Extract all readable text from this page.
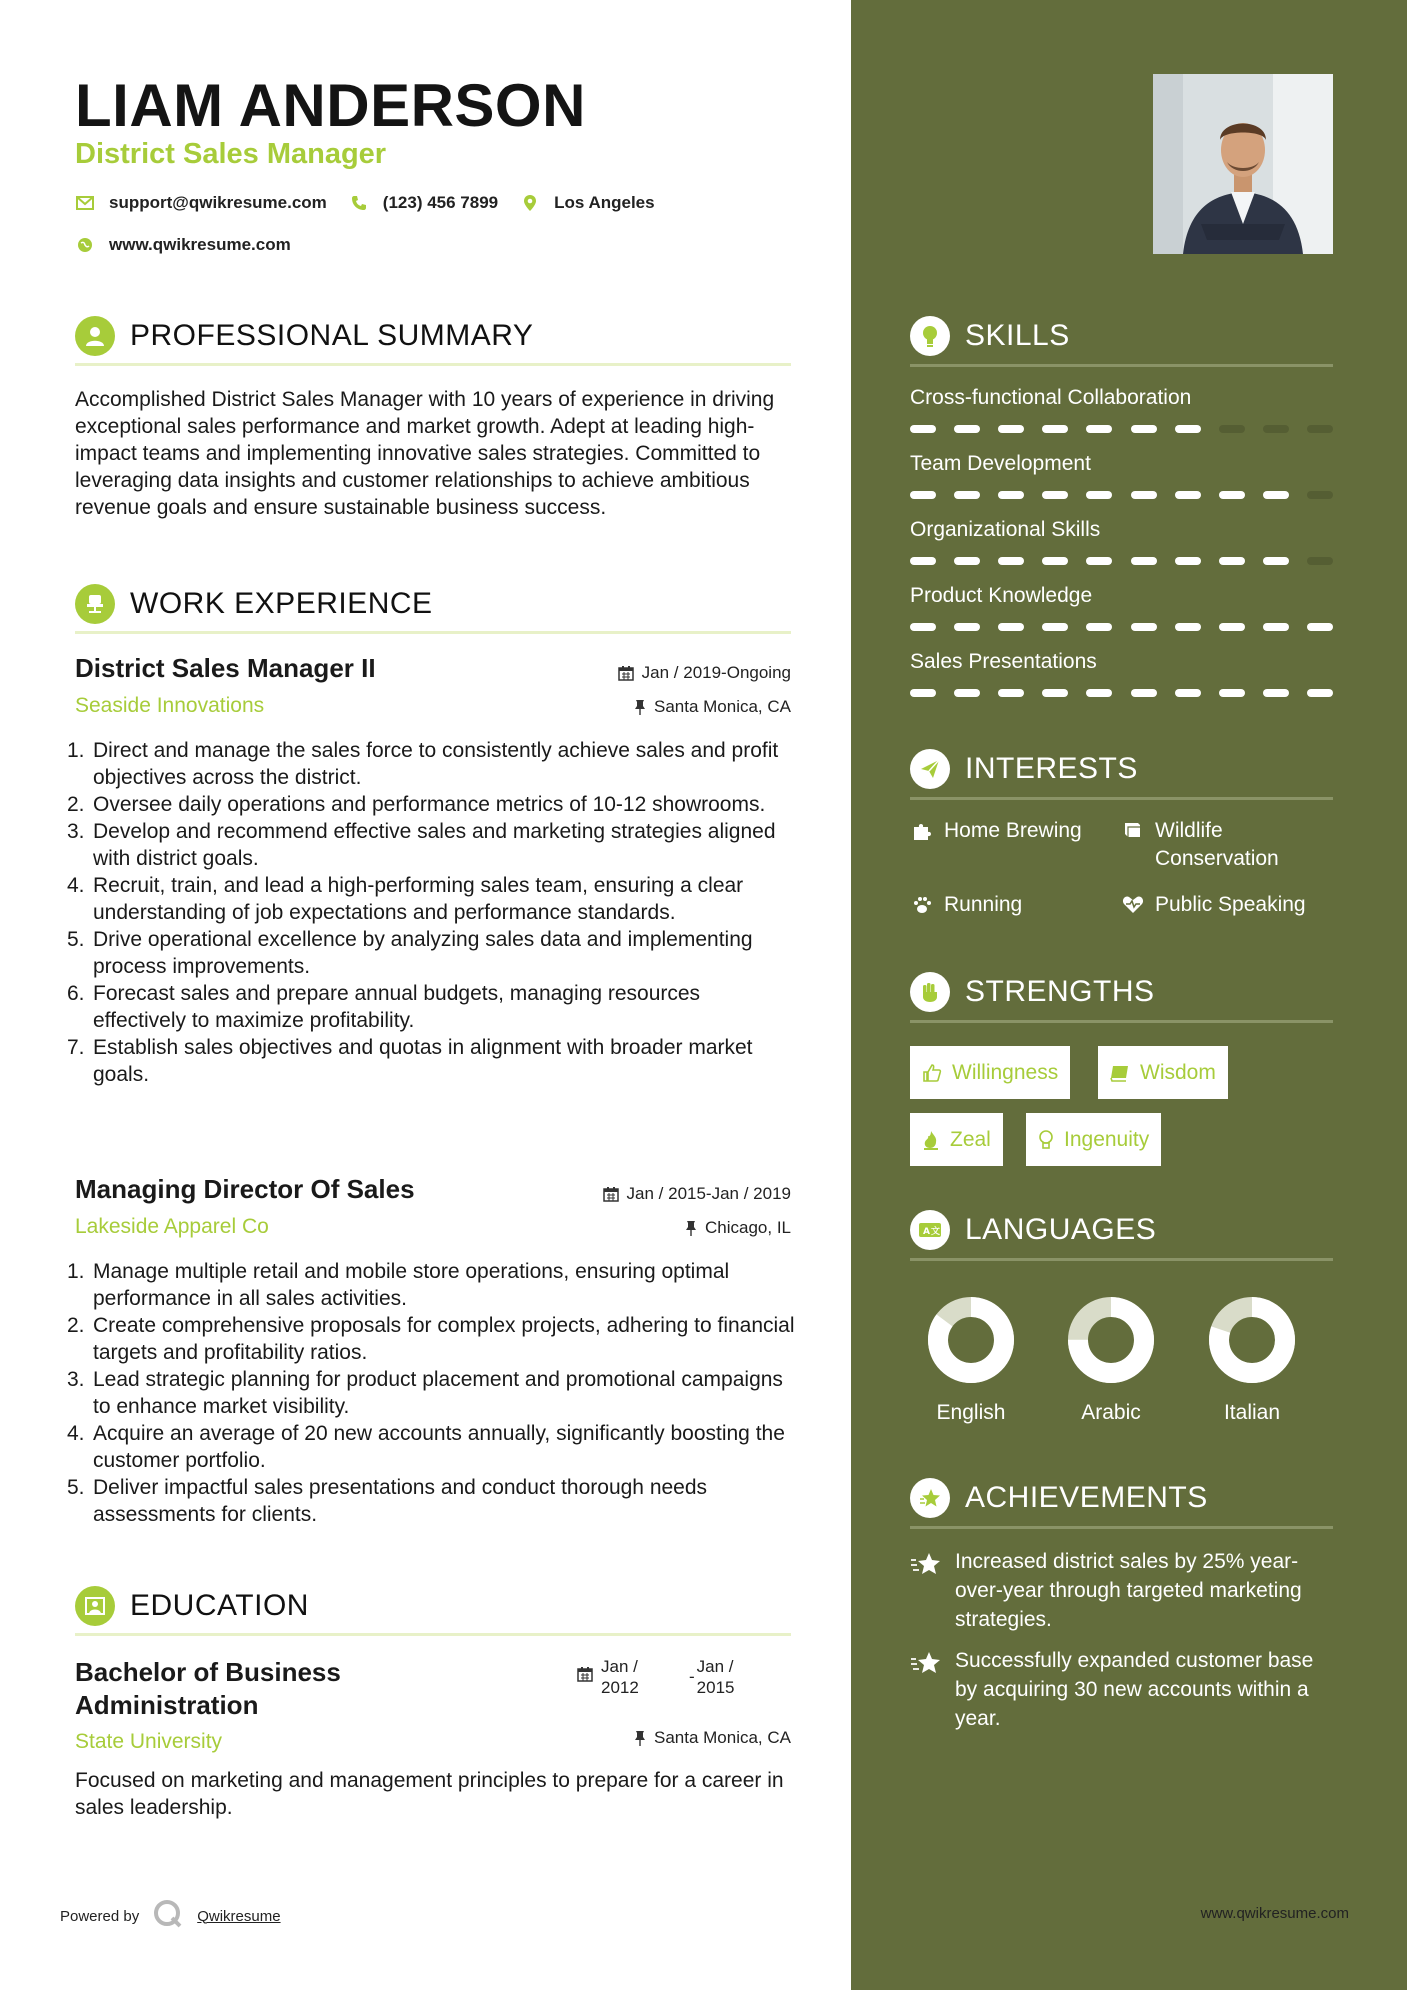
LIAM ANDERSON
District Sales Manager
support@qwikresume.com	(123) 456 7899	Los Angeles
www.qwikresume.com
PROFESSIONAL SUMMARY
Accomplished District Sales Manager with 10 years of experience in driving exceptional sales performance and market growth. Adept at leading high-impact teams and implementing innovative sales strategies. Committed to leveraging data insights and customer relationships to achieve ambitious revenue goals and ensure sustainable business success.
WORK EXPERIENCE
District Sales Manager II	Jan / 2019-Ongoing
Seaside Innovations	Santa Monica, CA
1. Direct and manage the sales force to consistently achieve sales and profit objectives across the district.
2. Oversee daily operations and performance metrics of 10-12 showrooms.
3. Develop and recommend effective sales and marketing strategies aligned with district goals.
4. Recruit, train, and lead a high-performing sales team, ensuring a clear understanding of job expectations and performance standards.
5. Drive operational excellence by analyzing sales data and implementing process improvements.
6. Forecast sales and prepare annual budgets, managing resources effectively to maximize profitability.
7. Establish sales objectives and quotas in alignment with broader market goals.
Managing Director Of Sales	Jan / 2015-Jan / 2019
Lakeside Apparel Co	Chicago, IL
1. Manage multiple retail and mobile store operations, ensuring optimal performance in all sales activities.
2. Create comprehensive proposals for complex projects, adhering to financial targets and profitability ratios.
3. Lead strategic planning for product placement and promotional campaigns to enhance market visibility.
4. Acquire an average of 20 new accounts annually, significantly boosting the customer portfolio.
5. Deliver impactful sales presentations and conduct thorough needs assessments for clients.
EDUCATION
Bachelor of Business
Administration
Jan /
2012
-
Jan /
2015
State University	Santa Monica, CA
Focused on marketing and management principles to prepare for a career in sales leadership.
Powered by	Qwikresume	www.qwikresume.com
SKILLS
Cross-functional Collaboration
Team Development
Organizational Skills
Product Knowledge
Sales Presentations
INTERESTS
Home Brewing	Wildlife
Conservation
Running	Public Speaking
STRENGTHS
Willingness	Wisdom
Zeal	Ingenuity
A 文 LANGUAGES
English	Arabic	Italian
ACHIEVEMENTS
Increased district sales by 25% year-over-year through targeted marketing strategies.
Successfully expanded customer base by acquiring 30 new accounts within a year.
